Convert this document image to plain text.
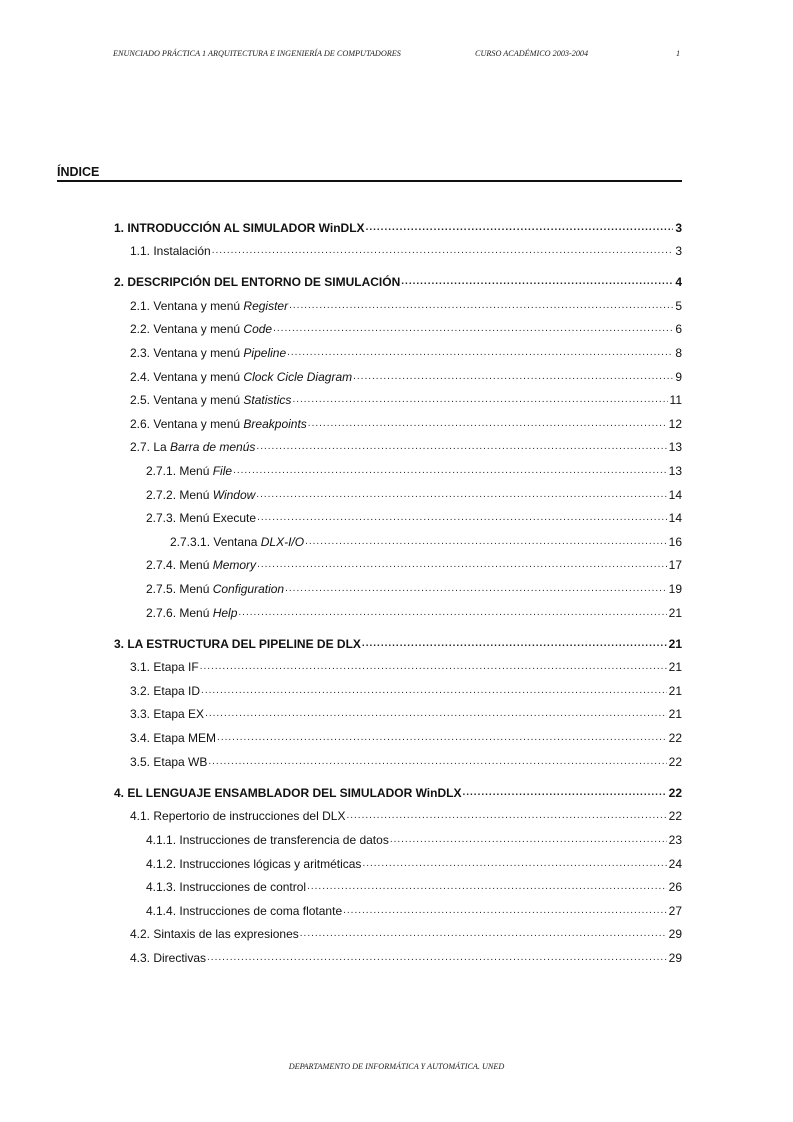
ENUNCIADO PRÁCTICA 1 ARQUITECTURA E INGENIERÍA DE COMPUTADORES	CURSO ACADÉMICO 2003-2004	1
ÍNDICE
1. INTRODUCCIÓN AL SIMULADOR WinDLX .....	3
1.1. Instalación .....	3
2. DESCRIPCIÓN DEL ENTORNO DE SIMULACIÓN .....	4
2.1. Ventana y menú Register .....	5
2.2. Ventana y menú Code .....	6
2.3. Ventana y menú Pipeline .....	8
2.4. Ventana y menú Clock Cicle Diagram .....	9
2.5. Ventana y menú Statistics .....	11
2.6. Ventana y menú Breakpoints .....	12
2.7. La Barra de menús .....	13
2.7.1. Menú File .....	13
2.7.2. Menú Window .....	14
2.7.3. Menú Execute .....	14
2.7.3.1. Ventana DLX-I/O .....	16
2.7.4. Menú Memory .....	17
2.7.5. Menú Configuration .....	19
2.7.6. Menú Help .....	21
3. LA ESTRUCTURA DEL PIPELINE DE DLX .....	21
3.1. Etapa IF .....	21
3.2. Etapa ID .....	21
3.3. Etapa EX .....	21
3.4. Etapa MEM .....	22
3.5. Etapa WB .....	22
4. EL LENGUAJE ENSAMBLADOR DEL SIMULADOR WinDLX .....	22
4.1. Repertorio de instrucciones del DLX .....	22
4.1.1. Instrucciones de transferencia de datos .....	23
4.1.2. Instrucciones lógicas y aritméticas .....	24
4.1.3. Instrucciones de control .....	26
4.1.4. Instrucciones de coma flotante .....	27
4.2. Sintaxis de las expresiones .....	29
4.3. Directivas .....	29
DEPARTAMENTO DE INFORMÁTICA Y AUTOMÁTICA. UNED
